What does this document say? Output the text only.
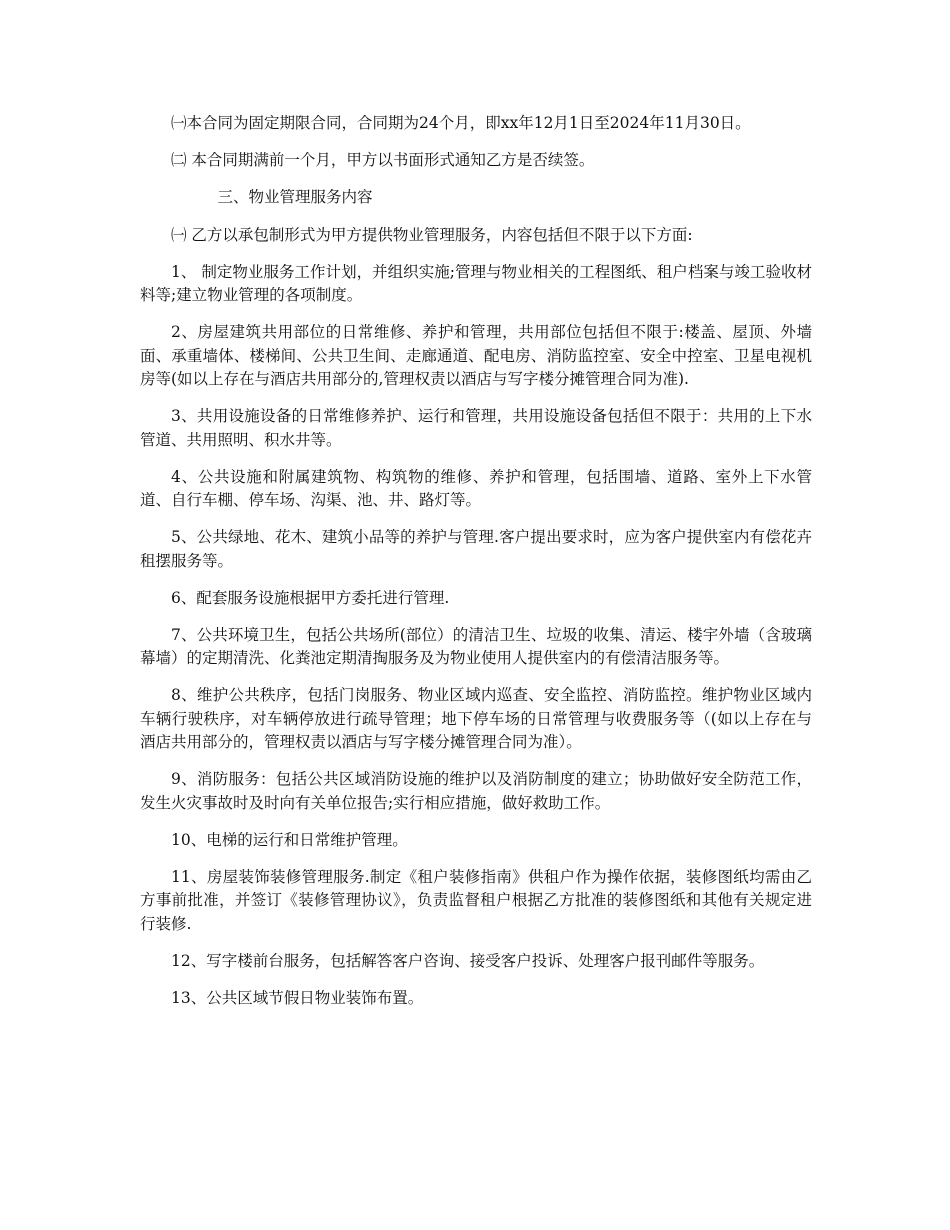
㈠本合同为固定期限合同，合同期为24个月，即xx年12月1日至2024年11月30日。

㈡ 本合同期满前一个月，甲方以书面形式通知乙方是否续签。

三、物业管理服务内容

㈠ 乙方以承包制形式为甲方提供物业管理服务，内容包括但不限于以下方面:

1、 制定物业服务工作计划，并组织实施;管理与物业相关的工程图纸、租户档案与竣工验收材料等;建立物业管理的各项制度。

2、房屋建筑共用部位的日常维修、养护和管理，共用部位包括但不限于:楼盖、屋顶、外墙面、承重墙体、楼梯间、公共卫生间、走廊通道、配电房、消防监控室、安全中控室、卫星电视机房等(如以上存在与酒店共用部分的,管理权责以酒店与写字楼分摊管理合同为准).

3、共用设施设备的日常维修养护、运行和管理，共用设施设备包括但不限于：共用的上下水管道、共用照明、积水井等。

4、公共设施和附属建筑物、构筑物的维修、养护和管理，包括围墙、道路、室外上下水管道、自行车棚、停车场、沟渠、池、井、路灯等。

5、公共绿地、花木、建筑小品等的养护与管理.客户提出要求时，应为客户提供室内有偿花卉租摆服务等。

6、配套服务设施根据甲方委托进行管理.

7、公共环境卫生，包括公共场所(部位）的清洁卫生、垃圾的收集、清运、楼宇外墙（含玻璃幕墙）的定期清洗、化粪池定期清掏服务及为物业使用人提供室内的有偿清洁服务等。

8、维护公共秩序，包括门岗服务、物业区域内巡查、安全监控、消防监控。维护物业区域内车辆行驶秩序，对车辆停放进行疏导管理；地下停车场的日常管理与收费服务等（(如以上存在与酒店共用部分的，管理权责以酒店与写字楼分摊管理合同为准）。

9、消防服务：包括公共区域消防设施的维护以及消防制度的建立；协助做好安全防范工作，发生火灾事故时及时向有关单位报告;实行相应措施，做好救助工作。

10、电梯的运行和日常维护管理。

11、房屋装饰装修管理服务.制定《租户装修指南》供租户作为操作依据，装修图纸均需由乙方事前批准，并签订《装修管理协议》，负责监督租户根据乙方批准的装修图纸和其他有关规定进行装修.

12、写字楼前台服务，包括解答客户咨询、接受客户投诉、处理客户报刊邮件等服务。

13、公共区域节假日物业装饰布置。
